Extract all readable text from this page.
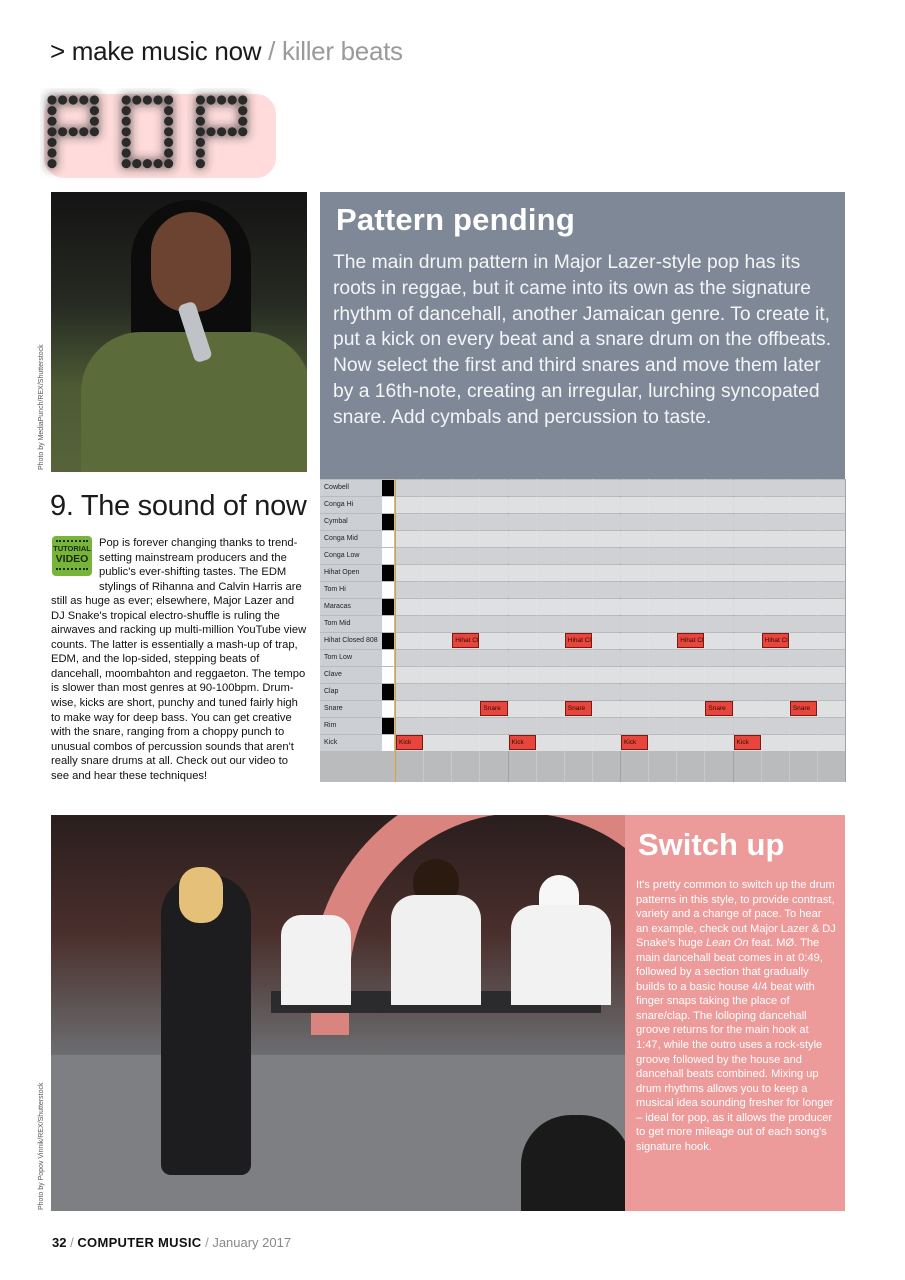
> make music now / killer beats
Photo by MediaPunch/REX/Shutterstock
Pattern pending
The main drum pattern in Major Lazer-style pop has its roots in reggae, but it came into its own as the signature rhythm of dancehall, another Jamaican genre. To create it, put a kick on every beat and a snare drum on the offbeats. Now select the first and third snares and move them later by a 16th-note, creating an irregular, lurching syncopated snare. Add cymbals and percussion to taste.
9. The sound of now
Pop is forever changing thanks to trend-setting mainstream producers and the public's ever-shifting tastes. The EDM stylings of Rihanna and Calvin Harris are still as huge as ever; elsewhere, Major Lazer and DJ Snake's tropical electro-shuffle is ruling the airwaves and racking up multi-million YouTube view counts. The latter is essentially a mash-up of trap, EDM, and the lop-sided, stepping beats of dancehall, moombahton and reggaeton. The tempo is slower than most genres at 90-100bpm. Drum-wise, kicks are short, punchy and tuned fairly high to make way for deep bass. You can get creative with the snare, ranging from a choppy punch to unusual combos of percussion sounds that aren't really snare drums at all. Check out our video to see and hear these techniques!
TUTORIAL
VIDEO
Cowbell
Conga Hi
Cymbal
Conga Mid
Conga Low
Hihat Open
Tom Hi
Maracas
Tom Mid
Hihat Closed 808	Hihat Cl	Hihat Cl	Hihat Cl	Hihat Cl
Tom Low
Clave
Clap
Snare	Snare	Snare	Snare	Snare
Rim
Kick	Kick	Kick	Kick	Kick
Photo by Popov Vinnik/REX/Shutterstock
Switch up
It's pretty common to switch up the drum patterns in this style, to provide contrast, variety and a change of pace. To hear an example, check out Major Lazer & DJ Snake's huge Lean On feat. MØ. The main dancehall beat comes in at 0:49, followed by a section that gradually builds to a basic house 4/4 beat with finger snaps taking the place of snare/clap. The lolloping dancehall groove returns for the main hook at 1:47, while the outro uses a rock-style groove followed by the house and dancehall beats combined. Mixing up drum rhythms allows you to keep a musical idea sounding fresher for longer – ideal for pop, as it allows the producer to get more mileage out of each song's signature hook.
32 / COMPUTER MUSIC / January 2017
